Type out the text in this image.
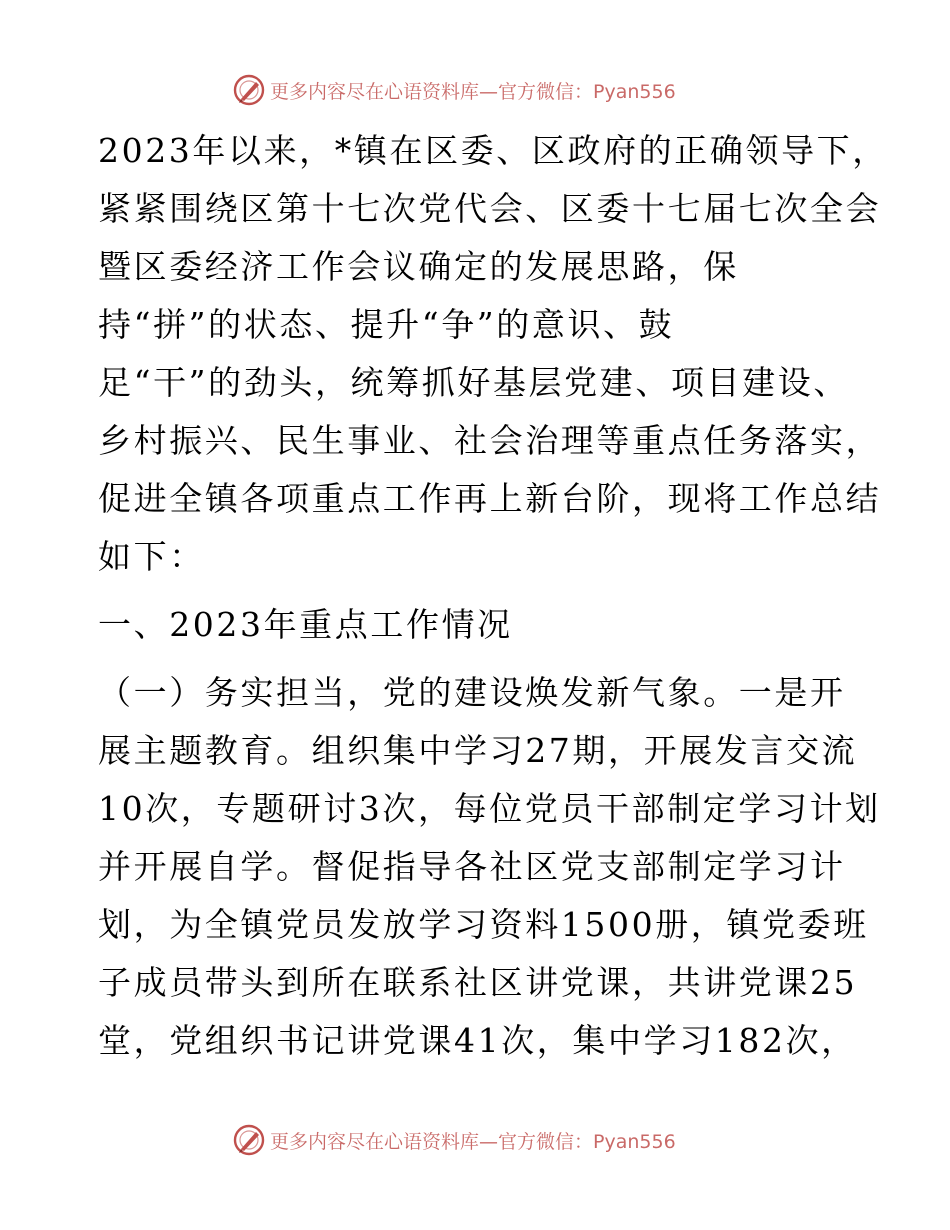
更多内容尽在心语资料库—官方微信：Pyan556
2023年以来，*镇在区委、区政府的正确领导下，
紧紧围绕区第十七次党代会、区委十七届七次全会
暨区委经济工作会议确定的发展思路，保
持“拼”的状态、提升“争”的意识、鼓
足“干”的劲头，统筹抓好基层党建、项目建设、
乡村振兴、民生事业、社会治理等重点任务落实，
促进全镇各项重点工作再上新台阶，现将工作总结
如下：
一、2023年重点工作情况
（一）务实担当，党的建设焕发新气象。一是开
展主题教育。组织集中学习27期，开展发言交流
10次，专题研讨3次，每位党员干部制定学习计划
并开展自学。督促指导各社区党支部制定学习计
划，为全镇党员发放学习资料1500册，镇党委班
子成员带头到所在联系社区讲党课，共讲党课25
堂，党组织书记讲党课41次，集中学习182次，
更多内容尽在心语资料库—官方微信：Pyan556
